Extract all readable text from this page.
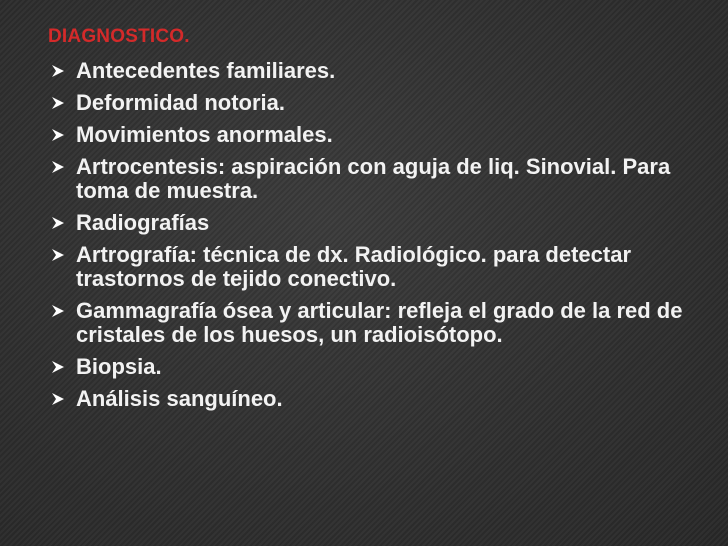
DIAGNOSTICO.
Antecedentes familiares.
Deformidad notoria.
Movimientos anormales.
Artrocentesis: aspiración con aguja de liq. Sinovial. Para toma de muestra.
Radiografías
Artrografía: técnica de dx. Radiológico. para detectar trastornos de tejido conectivo.
Gammagrafía ósea y articular: refleja el grado de la red de cristales de los huesos, un radioisótopo.
Biopsia.
Análisis sanguíneo.
